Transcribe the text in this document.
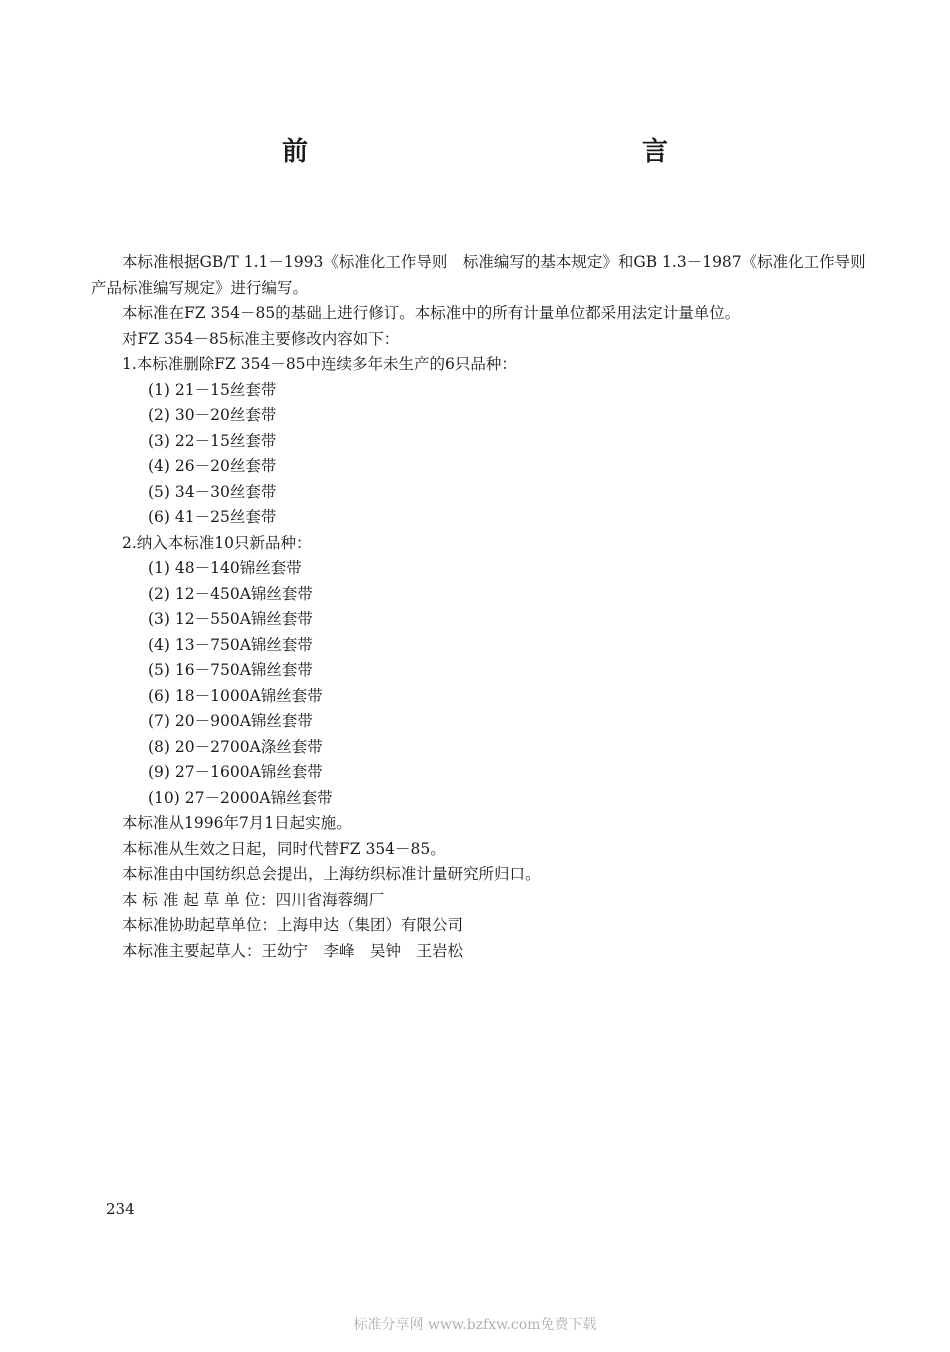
前　　言

本标准根据GB/T 1.1－1993《标准化工作导则　标准编写的基本规定》和GB 1.3－1987《标准化工作导则　产品标准编写规定》进行编写。

本标准在FZ 354－85的基础上进行修订。本标准中的所有计量单位都采用法定计量单位。

对FZ 354－85标准主要修改内容如下：

1.本标准删除FZ 354－85中连续多年未生产的6只品种：

(1) 21－15丝套带

(2) 30－20丝套带

(3) 22－15丝套带

(4) 26－20丝套带

(5) 34－30丝套带

(6) 41－25丝套带

2.纳入本标准10只新品种：

(1) 48－140锦丝套带

(2) 12－450A锦丝套带

(3) 12－550A锦丝套带

(4) 13－750A锦丝套带

(5) 16－750A锦丝套带

(6) 18－1000A锦丝套带

(7) 20－900A锦丝套带

(8) 20－2700A涤丝套带

(9) 27－1600A锦丝套带

(10) 27－2000A锦丝套带

本标准从1996年7月1日起实施。

本标准从生效之日起，同时代替FZ 354－85。

本标准由中国纺织总会提出，上海纺织标准计量研究所归口。

本 标 准 起 草 单 位：四川省海蓉绸厂

本标准协助起草单位：上海申达（集团）有限公司

本标准主要起草人：王幼宁　李峰　吴钟　王岩松

234
标准分享网 www.bzfxw.com免费下载
